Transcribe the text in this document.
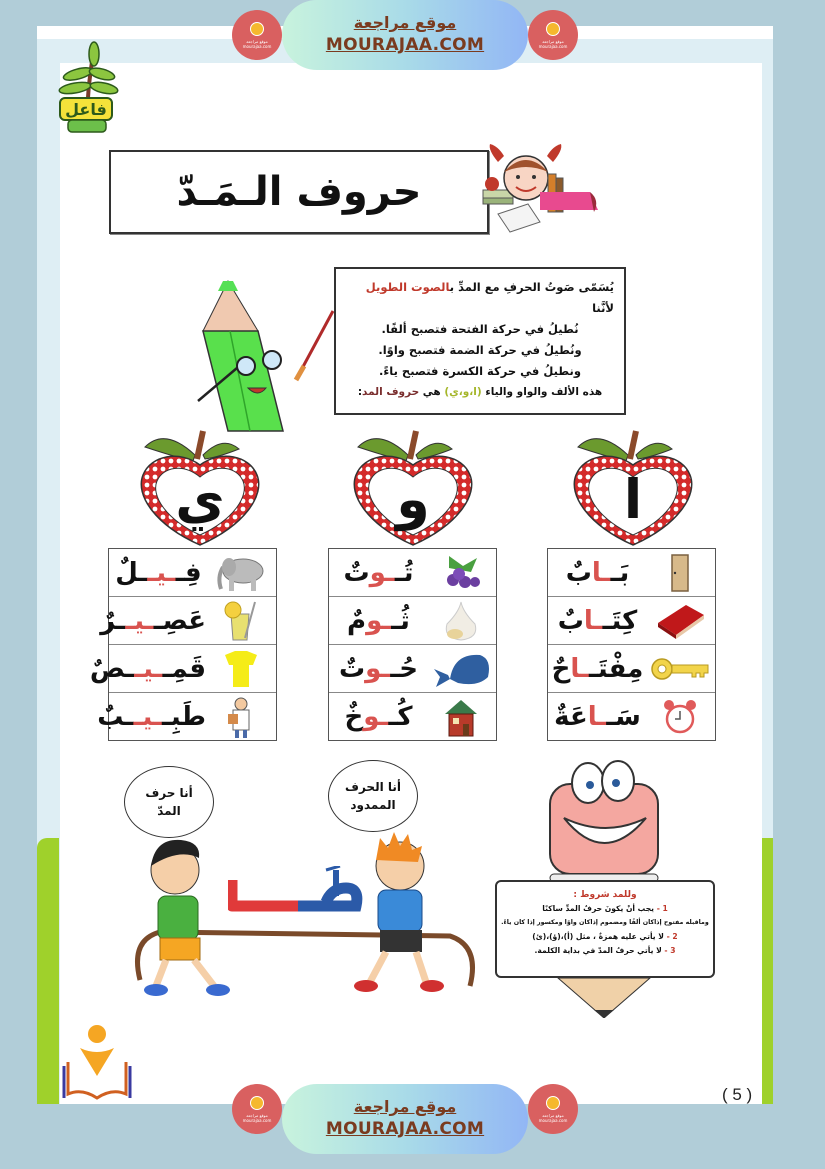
موقع مراجعة mourajaa.com
موقع مراجعة
MOURAJAA.COM	موقع مراجعة mourajaa.com
فاعل
حروف الـمَـدّ

يُسَمّى صَوتُ الحرفِ مع المدِّ بالصوت الطويل لأنَّنا

نُطيلُ في حركة الفتحة فتصبح ألفًا.

ونُطيلُ في حركة الضمة فتصبح واوًا.

ونطيلُ في حركة الكسرة فتصبح ياءً.

هذه الألف والواو والياء (ا،و،ي) هي حروف المد:

ي	و	ا
فِــيــلٌ
عَصِــيــرٌ
قَمِــيــصٌ
طَبِــيــبٌ
تُــوتٌ
ثُــومٌ
حُــوتٌ
كُــوخٌ
بَــابٌ
كِتَــابٌ
مِفْتَــاحٌ
سَــاعَةٌ
أنا حرف
المدّ
أنا الحرف
الممدود
وللمد شروط :
1 - يجب أنْ يكونَ حرفُ المدِّ ساكنًا
وماقبله مفتوح إذاكان ألفًا ومضموم إذاكان واوًا ومكسور إذا كان ياءً.
2 - لا يأتي عليه همزةٌ ، مثل (أ)،(ؤ)،(ئ)
3 - لا يأتي حرفُ المدّ في بداية الكلمة.
( 5 )
موقع مراجعة mourajaa.com
موقع مراجعة
MOURAJAA.COM
موقع مراجعة mourajaa.com
